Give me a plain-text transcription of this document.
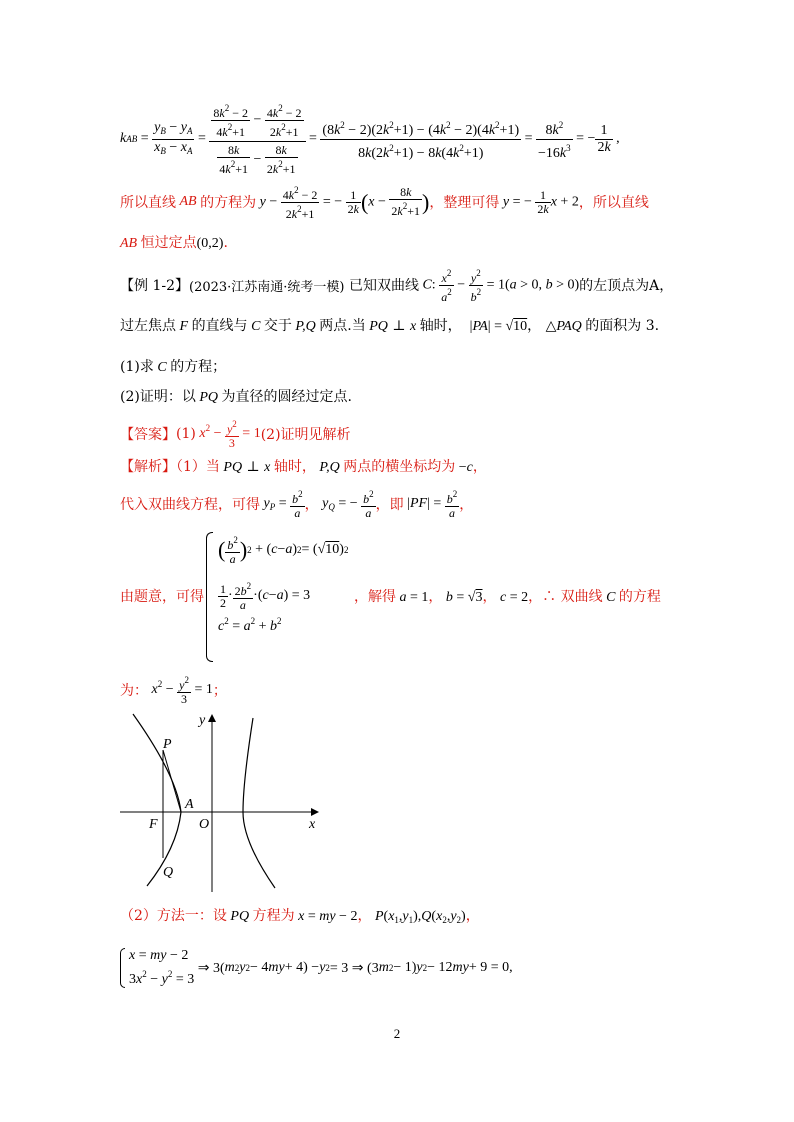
k AB = $\frac{y_B - y_A}{x_B - x_A} = \frac{\frac{8k^2 - 2}{4k^2+1} - \frac{4k^2 - 2}{2k^2+1}}{\frac{8k}{4k^2+1} - \frac{8k}{2k^2+1}} = \frac{(8k^2 - 2)(2k^2+1) - (4k^2 - 2)(4k^2+1)}{8k(2k^2+1) - 8k(4k^2+1)} = \frac{8k^2}{-16k^3}$ = − $\frac{1}{2k}$ ,
所以直线 AB 的方程为 $y - \frac{4k^2 - 2}{2k^2+1}$ = − $\frac{1}{2k} (x - \frac{8k}{2k^2+1}$ ) ，整理可得 y = − $\frac{1}{2k}$ x + 2 ，所以直线
AB 恒过定点(0,2).
【例 1-2】 (2023·江苏南通·统考一模)
已知双曲线 C: $\frac{x^2}{a^2} - \frac{y^2}{b^2} = 1(a > 0$, b > 0) 的左顶点为A，
过左焦点 F 的直线与 C 交于 P,Q 两点.当 PQ ⊥ x 轴时，  |PA| = √10， △PAQ 的面积为 3.
(1)求 C 的方程；
(2)证明：以 PQ 为直径的圆经过定点.
【答案】 (1) $x^2 - \frac{y^2}{3} = 1$ (2)证明见解析
【解析】（1）当 PQ ⊥ x 轴时， P,Q 两点的横坐标均为 −c，
代入双曲线方程，可得 $y_P = \frac{b^2}{a}$ ， $y_Q$ = − $\frac{b^2}{a}$ ，即 $|PF| = \frac{b^2}{a}$ ，
( $\frac{b^2}{a}$ ) 2 + ( c − a ) 2 = (√ 10 ) 2
$\frac{1}{2} \cdot \frac{2b^2}{a}$ ·( c − a ) = 3
$c^2 = a^2 + b^2$
由题意，可得	，解得 a = 1， b = √3， c = 2，∴ 双曲线 C 的方程
为： $x^2 - \frac{y^2}{3} = 1$ ；
y
x
P
A
F	O
Q
（2）方法一：设 PQ 方程为 x = my − 2， $P(x_1,y_1),Q(x_2,y_2)$，
x = my − 2
$3x^2 - y^2 = 3$
⇒ 3( m 2 y 2 − 4 my + 4) − y 2 = 3 ⇒ (3 m 2 − 1) y 2 − 12 my + 9 = 0,
2
